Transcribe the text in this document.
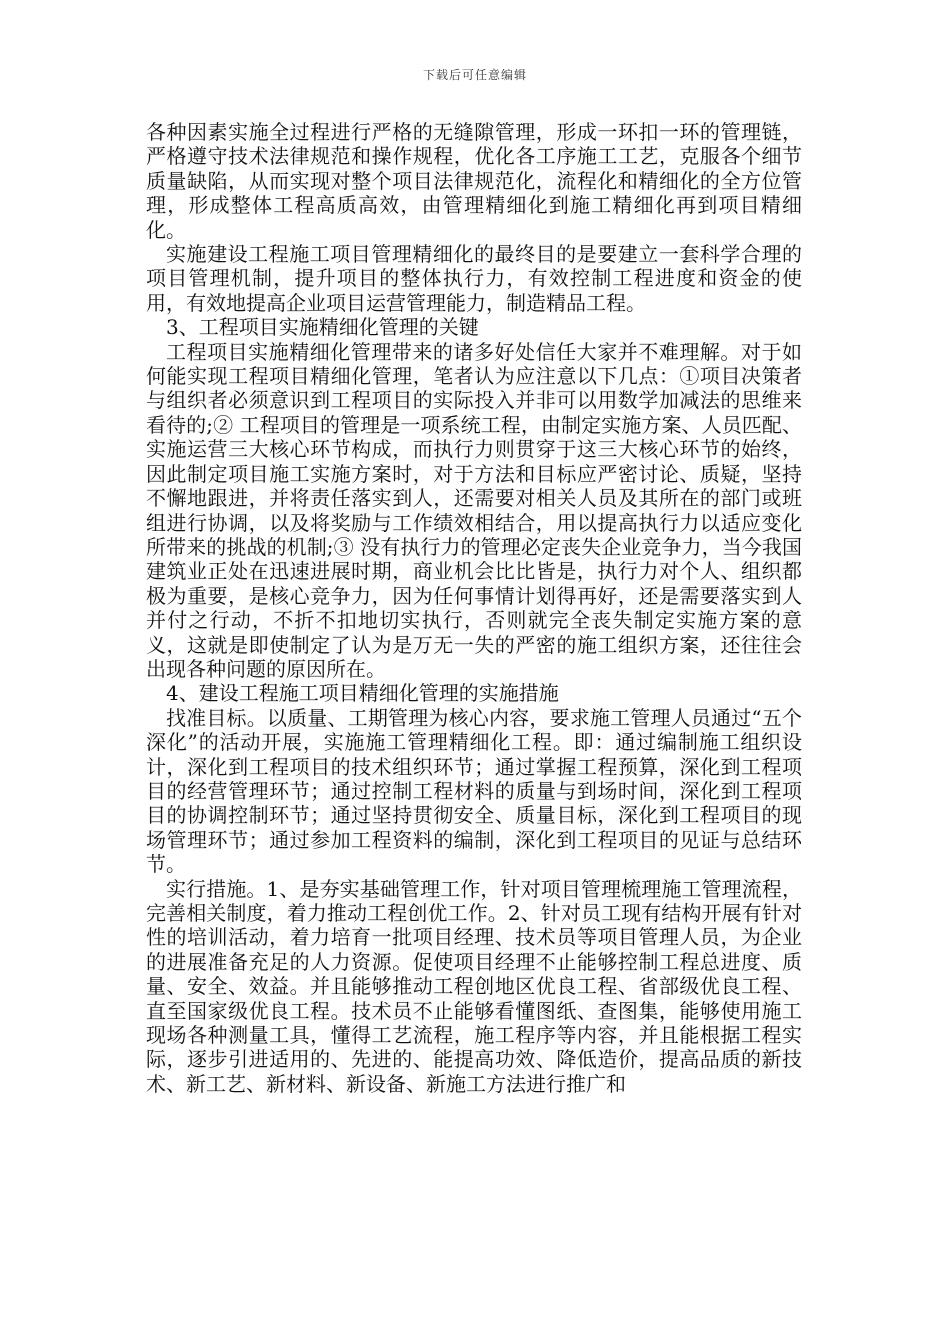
下载后可任意编辑

各种因素实施全过程进行严格的无缝隙管理，形成一环扣一环的管理链，严格遵守技术法律规范和操作规程，优化各工序施工工艺，克服各个细节质量缺陷，从而实现对整个项目法律规范化，流程化和精细化的全方位管理，形成整体工程高质高效，由管理精细化到施工精细化再到项目精细化。

实施建设工程施工项目管理精细化的最终目的是要建立一套科学合理的项目管理机制，提升项目的整体执行力，有效控制工程进度和资金的使用，有效地提高企业项目运营管理能力，制造精品工程。

3、工程项目实施精细化管理的关键

工程项目实施精细化管理带来的诸多好处信任大家并不难理解。对于如何能实现工程项目精细化管理，笔者认为应注意以下几点：①项目决策者与组织者必须意识到工程项目的实际投入并非可以用数学加减法的思维来看待的;② 工程项目的管理是一项系统工程，由制定实施方案、人员匹配、实施运营三大核心环节构成，而执行力则贯穿于这三大核心环节的始终，因此制定项目施工实施方案时，对于方法和目标应严密讨论、质疑，坚持不懈地跟进，并将责任落实到人，还需要对相关人员及其所在的部门或班组进行协调，以及将奖励与工作绩效相结合，用以提高执行力以适应变化所带来的挑战的机制;③ 没有执行力的管理必定丧失企业竞争力，当今我国建筑业正处在迅速进展时期，商业机会比比皆是，执行力对个人、组织都极为重要，是核心竞争力，因为任何事情计划得再好，还是需要落实到人并付之行动，不折不扣地切实执行，否则就完全丧失制定实施方案的意义，这就是即使制定了认为是万无一失的严密的施工组织方案，还往往会出现各种问题的原因所在。

4、建设工程施工项目精细化管理的实施措施

找准目标。以质量、工期管理为核心内容，要求施工管理人员通过“五个深化”的活动开展，实施施工管理精细化工程。即：通过编制施工组织设计，深化到工程项目的技术组织环节；通过掌握工程预算，深化到工程项目的经营管理环节；通过控制工程材料的质量与到场时间，深化到工程项目的协调控制环节；通过坚持贯彻安全、质量目标，深化到工程项目的现场管理环节；通过参加工程资料的编制，深化到工程项目的见证与总结环节。

实行措施。1、是夯实基础管理工作，针对项目管理梳理施工管理流程，完善相关制度，着力推动工程创优工作。2、针对员工现有结构开展有针对性的培训活动，着力培育一批项目经理、技术员等项目管理人员，为企业的进展准备充足的人力资源。促使项目经理不止能够控制工程总进度、质量、安全、效益。并且能够推动工程创地区优良工程、省部级优良工程、直至国家级优良工程。技术员不止能够看懂图纸、查图集，能够使用施工现场各种测量工具，懂得工艺流程，施工程序等内容，并且能根据工程实际，逐步引进适用的、先进的、能提高功效、降低造价，提高品质的新技术、新工艺、新材料、新设备、新施工方法进行推广和
